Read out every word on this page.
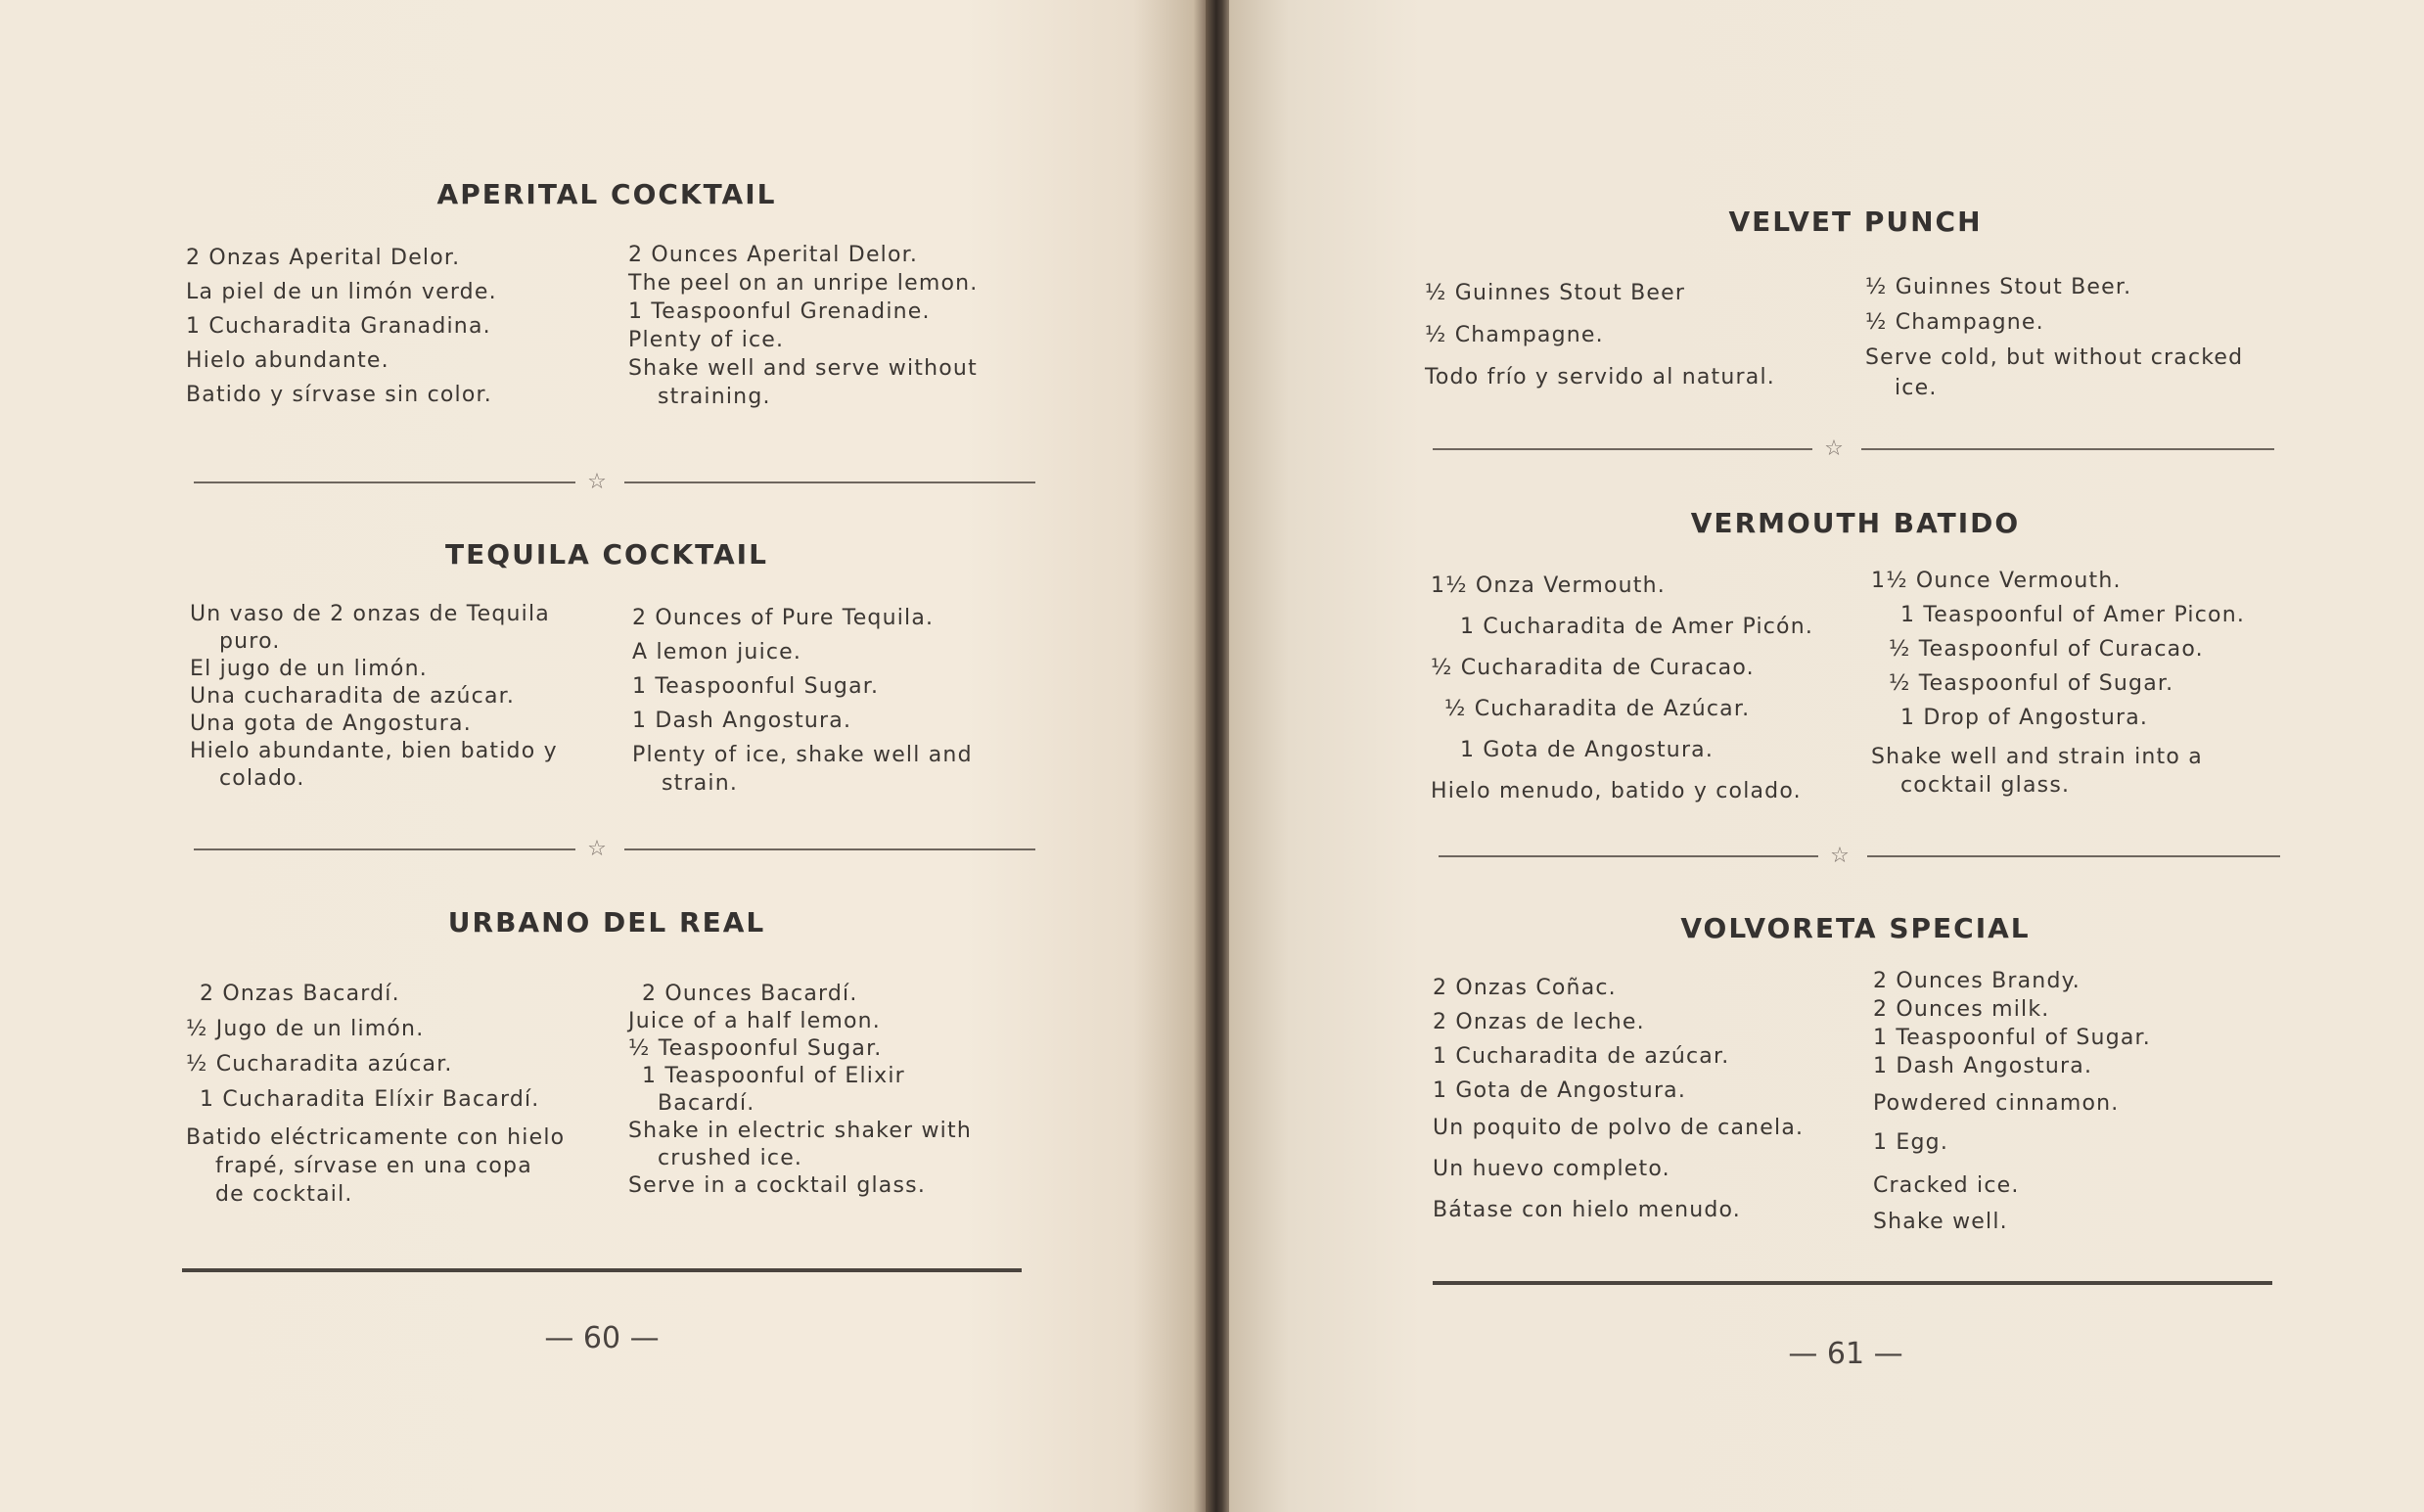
APERITAL COCKTAIL
2 Onzas Aperital Delor.
La piel de un limón verde.
1 Cucharadita Granadina.
Hielo abundante.
Batido y sírvase sin color.
2 Ounces Aperital Delor.
The peel on an unripe lemon.
1 Teaspoonful Grenadine.
Plenty of ice.
Shake well and serve without
straining.
☆
TEQUILA COCKTAIL
Un vaso de 2 onzas de Tequila
puro.
El jugo de un limón.
Una cucharadita de azúcar.
Una gota de Angostura.
Hielo abundante, bien batido y
colado.
2 Ounces of Pure Tequila.
A lemon juice.
1 Teaspoonful Sugar.
1 Dash Angostura.
Plenty of ice, shake well and
strain.
☆
URBANO DEL REAL
2 Onzas Bacardí.
½ Jugo de un limón.
½ Cucharadita azúcar.
1 Cucharadita Elíxir Bacardí.
Batido eléctricamente con hielo
frapé, sírvase en una copa
de cocktail.
2 Ounces Bacardí.
Juice of a half lemon.
½ Teaspoonful Sugar.
1 Teaspoonful of Elixir
Bacardí.
Shake in electric shaker with
crushed ice.
Serve in a cocktail glass.
— 60 —
VELVET PUNCH
½ Guinnes Stout Beer
½ Champagne.
Todo frío y servido al natural.
½ Guinnes Stout Beer.
½ Champagne.
Serve cold, but without cracked
ice.
☆
VERMOUTH BATIDO
1½ Onza Vermouth.
1 Cucharadita de Amer Picón.
½ Cucharadita de Curacao.
½ Cucharadita de Azúcar.
1 Gota de Angostura.
Hielo menudo, batido y colado.
1½ Ounce Vermouth.
1 Teaspoonful of Amer Picon.
½ Teaspoonful of Curacao.
½ Teaspoonful of Sugar.
1 Drop of Angostura.
Shake well and strain into a
cocktail glass.
☆
VOLVORETA SPECIAL
2 Onzas Coñac.
2 Onzas de leche.
1 Cucharadita de azúcar.
1 Gota de Angostura.
Un poquito de polvo de canela.
Un huevo completo.
Bátase con hielo menudo.
2 Ounces Brandy.
2 Ounces milk.
1 Teaspoonful of Sugar.
1 Dash Angostura.
Powdered cinnamon.
1 Egg.
Cracked ice.
Shake well.
— 61 —
